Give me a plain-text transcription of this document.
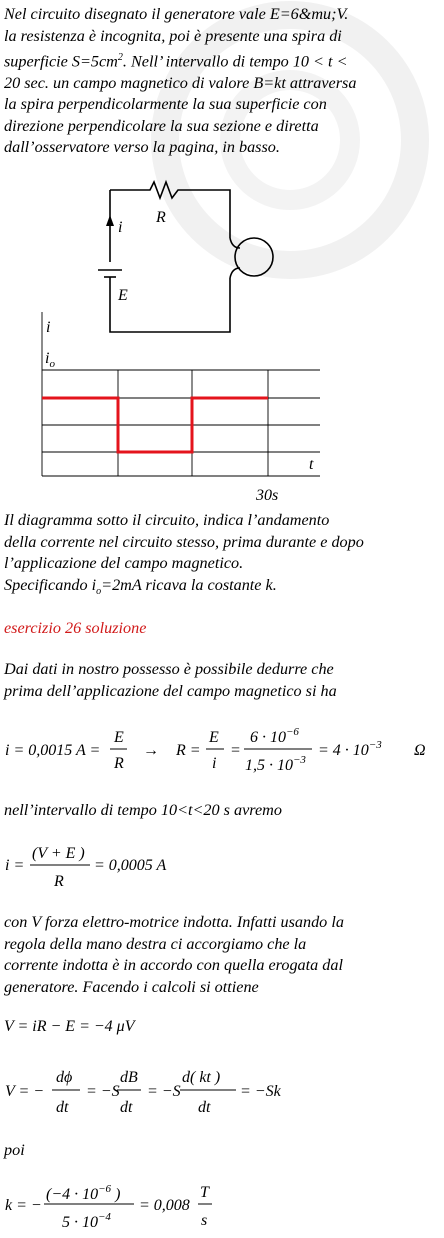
Nel circuito disegnato il generatore vale E=6&mu;V.
la resistenza è incognita, poi è presente una spira di
superficie $S=5cm^2$. Nell’ intervallo di tempo 10 < t <
20 sec. un campo magnetico di valore B=kt attraversa
la spira perpendicolarmente la sua superficie con
direzione perpendicolare la sua sezione e diretta
dall’osservatore verso la pagina, in basso.
R
i
E
i
$i_o$
t
30s
Il diagramma sotto il circuito, indica l’andamento
della corrente nel circuito stesso, prima durante e dopo
l’applicazione del campo magnetico.
Specificando $i_o=2mA$ ricava la costante k.
esercizio 26 soluzione
Dai dati in nostro possesso è possibile dedurre che
prima dell’applicazione del campo magnetico si ha
i = 0,0015 A =
E
R
→ R =
E
i
=
$6 \cdot 10^{-6}$
$1,5 \cdot 10^{-3}$
= $4 \cdot 10^{-3}$ Ω
nell’intervallo di tempo 10<t<20 s avremo
i =
(V + E )
R
= 0,0005 A
con V forza elettro-motrice indotta. Infatti usando la
regola della mano destra ci accorgiamo che la
corrente indotta è in accordo con quella erogata dal
generatore. Facendo i calcoli si ottiene
V = iR − E = −4 μV
V = −
dϕ
dt
= −S
dB
dt
= −S
d( kt )
dt
= −Sk
poi
k = −
($-4 \cdot 10^{-6}$ )
$5 \cdot 10^{-4}$
= 0,008
T
s
